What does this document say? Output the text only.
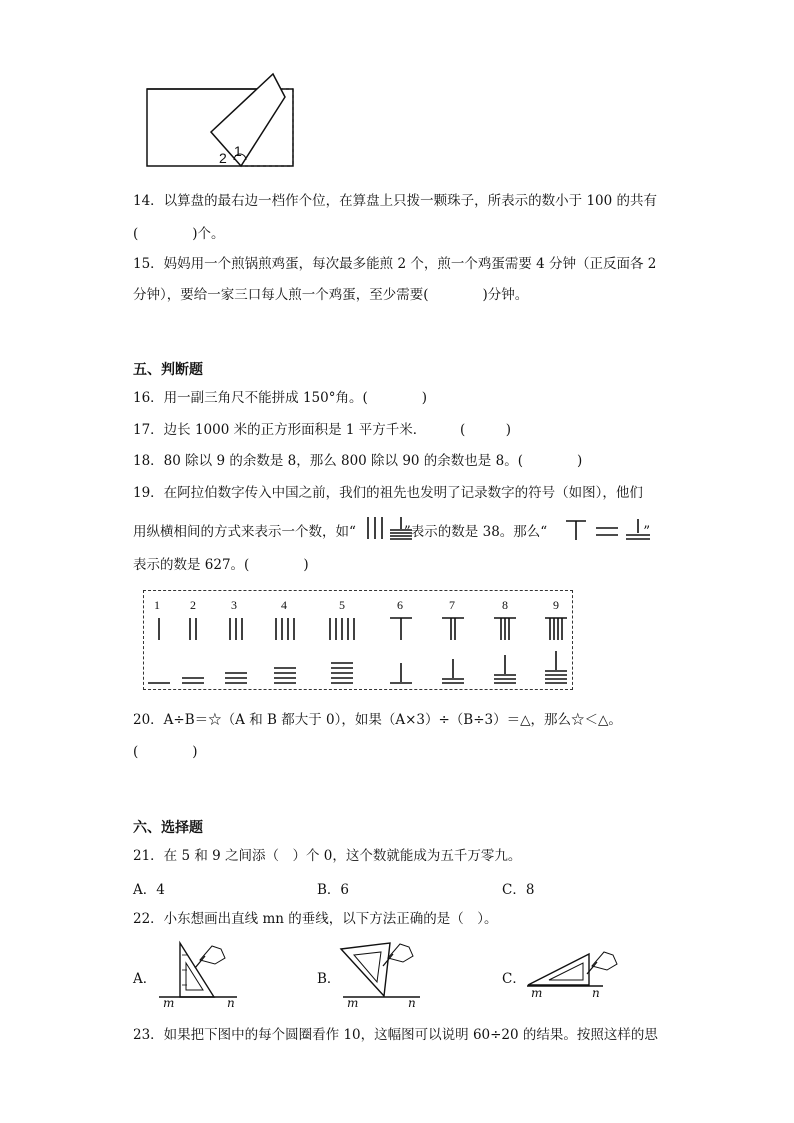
2 1
14．以算盘的最右边一档作个位，在算盘上只拨一颗珠子，所表示的数小于 100 的共有
(　　　　)个。
15．妈妈用一个煎锅煎鸡蛋，每次最多能煎 2 个，煎一个鸡蛋需要 4 分钟（正反面各 2
分钟），要给一家三口每人煎一个鸡蛋，至少需要(　　　　)分钟。
五、判断题
16．用一副三角尺不能拼成 150°角。(　　　　)
17．边长 1000 米的正方形面积是 1 平方千米．　　　(　　　)
18．80 除以 9 的余数是 8，那么 800 除以 90 的余数也是 8。(　　　　)
19．在阿拉伯数字传入中国之前，我们的祖先也发明了记录数字的符号（如图），他们
用纵横相间的方式来表示一个数，如“	”表示的数是 38。那么“	”
表示的数是 627。(　　　　)
1	2	3	4	5	6	7	8	9
20．A÷B＝☆（A 和 B 都大于 0），如果（A×3）÷（B÷3）＝△，那么☆＜△。
(　　　　)
六、选择题
21．在 5 和 9 之间添（　）个 0，这个数就能成为五千万零九。
A．4	B．6	C．8
22．小东想画出直线 mn 的垂线，以下方法正确的是（　）。
A．	B．	C．
m	n	m	n
m	n
23．如果把下图中的每个圆圈看作 10，这幅图可以说明 60÷20 的结果。按照这样的思
